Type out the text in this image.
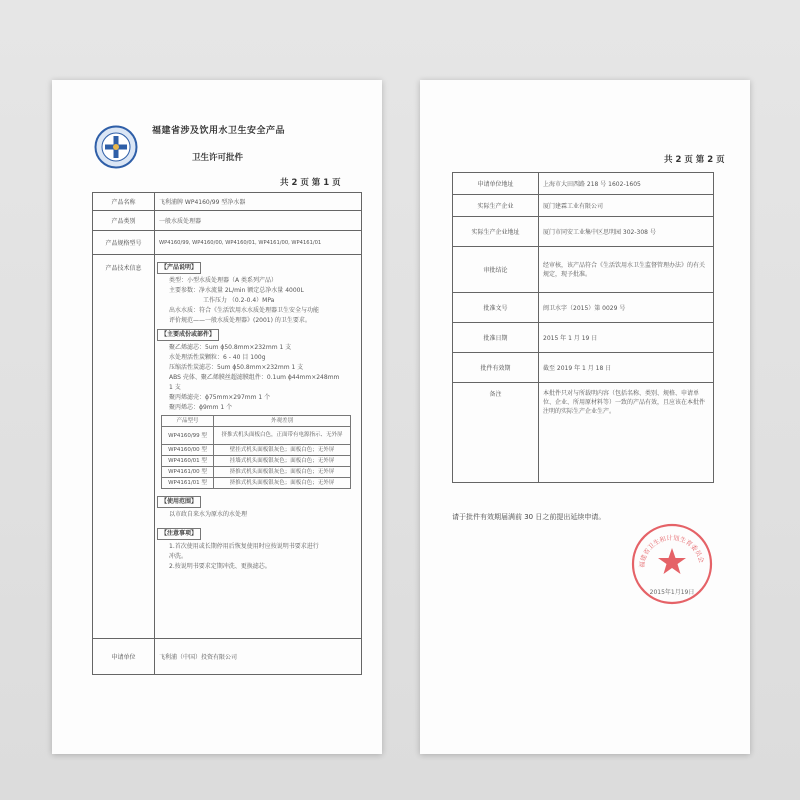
福建省涉及饮用水卫生安全产品
卫生许可批件
共 2 页 第 1 页
产品名称	飞利浦牌 WP4160/99 型净水器
产品类别	一般水质处理器
产品规格型号	WP4160/99, WP4160/00, WP4160/01, WP4161/00, WP4161/01
产品技术信息	【产品说明】
类型：小型水质处理器（A 类系列产品）
主要参数：净水流量 2L/min 额定总净水量 4000L
工作压力 （0.2-0.4）MPa
出水水质：符合《生活饮用水水质处理器卫生安全与功能
评价规范——一般水质处理器》(2001) 的卫生要求。
【主要成份或部件】
聚乙烯滤芯：5um ϕ50.8mm×232mm 1 支
水处理活性炭颗粒：6 - 40 目 100g
压缩活性炭滤芯：5um ϕ50.8mm×232mm 1 支
ABS 壳体、聚乙烯膜丝超滤膜组件：0.1um ϕ44mm×248mm
1 支
聚丙烯滤壳：ϕ75mm×297mm 1 个
聚丙烯芯：ϕ9mm 1 个
产品型号	外观差别
WP4160/99 型	挤推式机头面板白色，正面带有电源指示、无外屏
WP4160/00 型	壁挂式机头面板银灰色；面板白色；无外屏
WP4160/01 型	挂墙式机头面板银灰色；面板白色；无外屏
WP4161/00 型	挤推式机头面板银灰色；面板白色；无外屏
WP4161/01 型	挤推式机头面板银灰色；面板白色；无外屏
【使用范围】
以市政自来水为原水的水处理
【注意事项】
1.首次使用或长期停用后恢复使用时应按说明书要求进行
冲洗。
2.按说明书要求定期冲洗、更换滤芯。

申请单位	飞利浦（中国）投资有限公司
共 2 页 第 2 页
申请单位地址	上海市大田西路 218 号 1602-1605
实际生产企业	厦门建霖工业有限公司
实际生产企业地址	厦门市同安工业集中区思明园 302-308 号
审批结论	经审核，该产品符合《生活饮用水卫生监督管理办法》的有关规定，现予批准。
批准文号	闽卫水字（2015）第 0029 号
批准日期	2015 年 1 月 19 日
批件有效期	截至 2019 年 1 月 18 日
备注	本批件只对与所载明内容（包括名称、类别、规格、申请单位、企业、所用原材料等）一致的产品有效，且应该在本批件注明的实际生产企业生产。
请于批件有效期届满前 30 日之前提出延续申请。
福建省卫生和计划生育委员会
2015年1月19日
